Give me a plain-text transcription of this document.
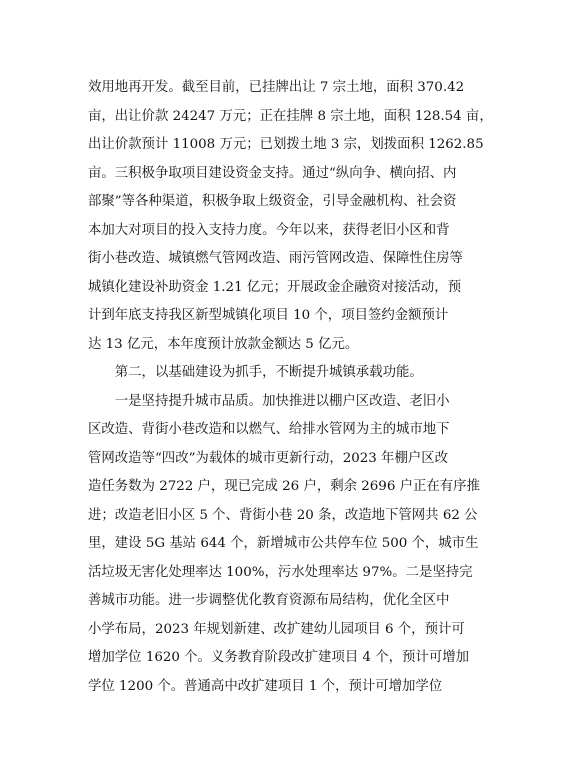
效用地再开发。截至目前，已挂牌出让 7 宗土地，面积 370.42
亩，出让价款 24247 万元；正在挂牌 8 宗土地，面积 128.54 亩，
出让价款预计 11008 万元；已划拨土地 3 宗，划拨面积 1262.85
亩。三积极争取项目建设资金支持。通过“纵向争、横向招、内
部聚”等各种渠道，积极争取上级资金，引导金融机构、社会资
本加大对项目的投入支持力度。今年以来，获得老旧小区和背
街小巷改造、城镇燃气管网改造、雨污管网改造、保障性住房等
城镇化建设补助资金 1.21 亿元；开展政金企融资对接活动，预
计到年底支持我区新型城镇化项目 10 个，项目签约金额预计
达 13 亿元，本年度预计放款金额达 5 亿元。
　　第二，以基础建设为抓手，不断提升城镇承载功能。
　　一是坚持提升城市品质。加快推进以棚户区改造、老旧小
区改造、背街小巷改造和以燃气、给排水管网为主的城市地下
管网改造等“四改”为载体的城市更新行动，2023 年棚户区改
造任务数为 2722 户，现已完成 26 户，剩余 2696 户正在有序推
进；改造老旧小区 5 个、背街小巷 20 条，改造地下管网共 62 公
里，建设 5G 基站 644 个，新增城市公共停车位 500 个，城市生
活垃圾无害化处理率达 100%，污水处理率达 97%。二是坚持完
善城市功能。进一步调整优化教育资源布局结构，优化全区中
小学布局，2023 年规划新建、改扩建幼儿园项目 6 个，预计可
增加学位 1620 个。义务教育阶段改扩建项目 4 个，预计可增加
学位 1200 个。普通高中改扩建项目 1 个，预计可增加学位
